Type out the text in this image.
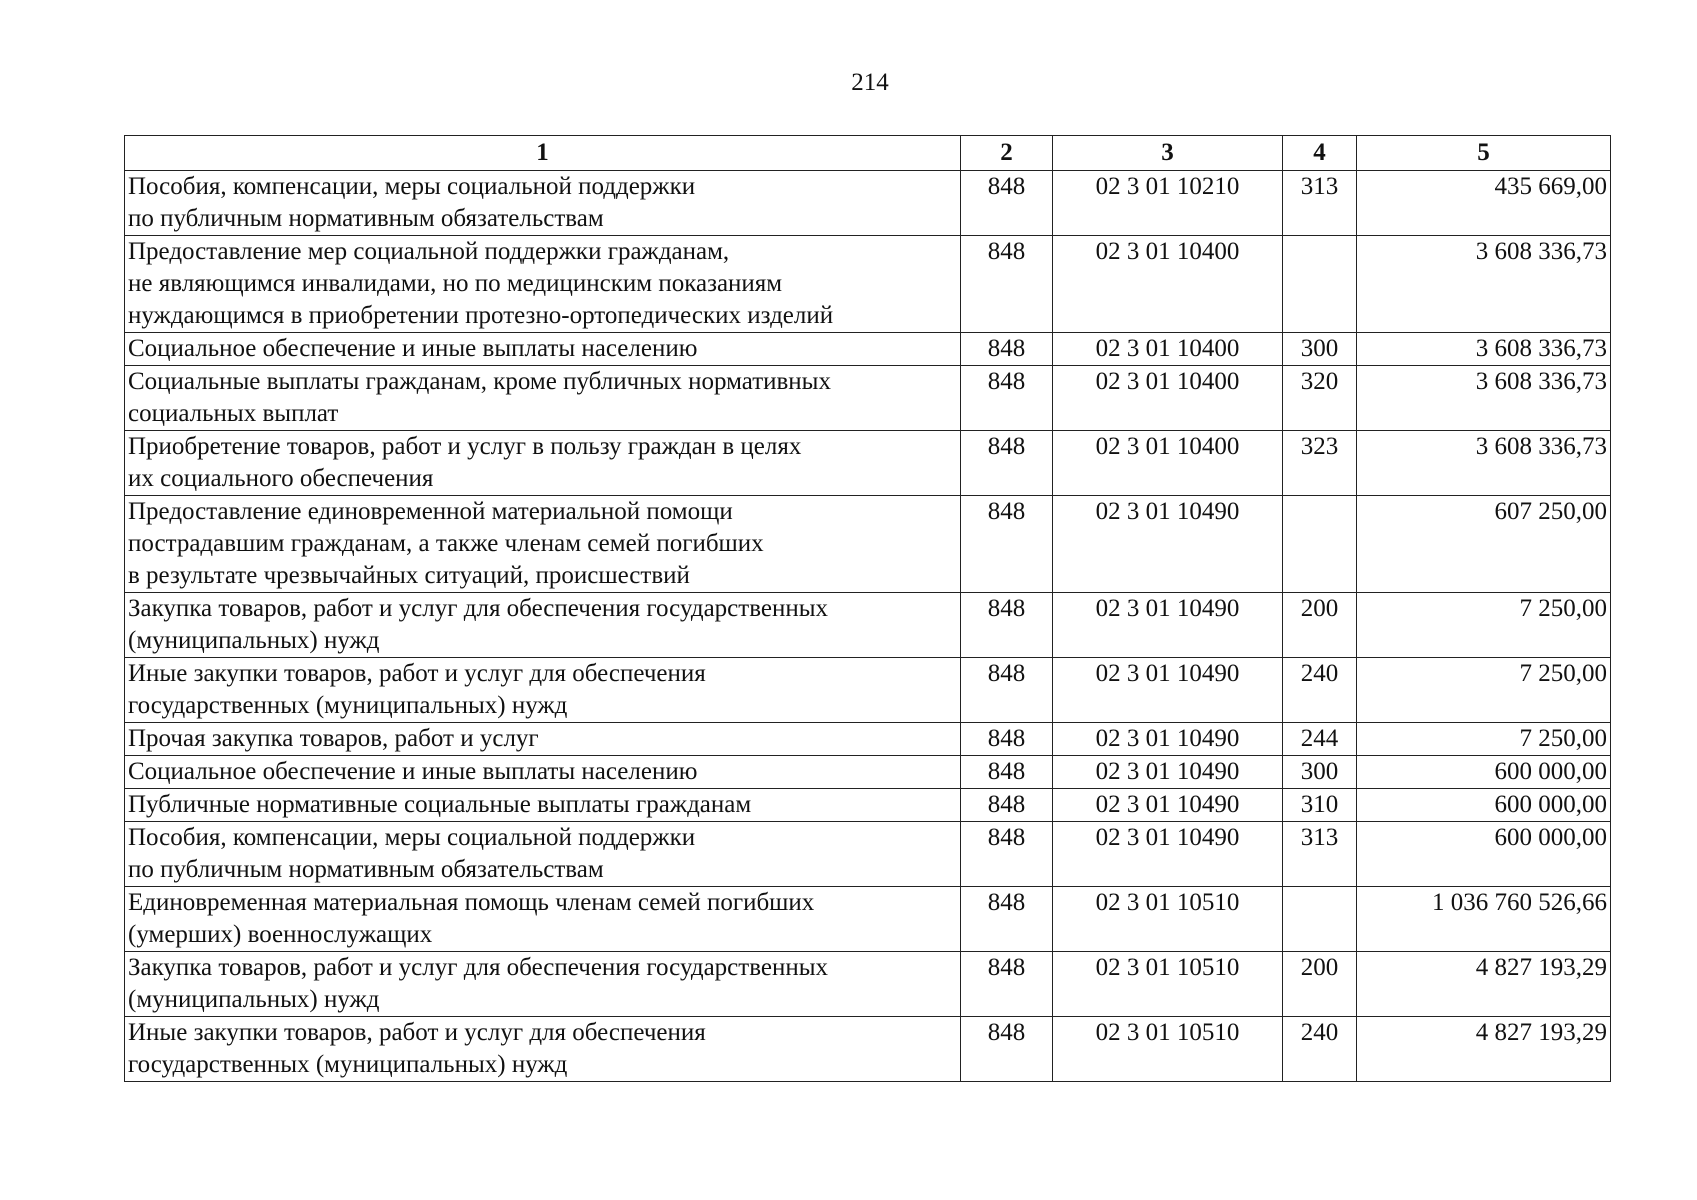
214
1	2	3	4	5

Пособия, компенсации, меры социальной поддержки
по публичным нормативным обязательствам	848	02 3 01 10210	313	435 669,00

Предоставление мер социальной поддержки гражданам,
не являющимся инвалидами, но по медицинским показаниям
нуждающимся в приобретении протезно-ортопедических изделий	848	02 3 01 10400		3 608 336,73

Социальное обеспечение и иные выплаты населению	848	02 3 01 10400	300	3 608 336,73

Социальные выплаты гражданам, кроме публичных нормативных
социальных выплат	848	02 3 01 10400	320	3 608 336,73

Приобретение товаров, работ и услуг в пользу граждан в целях
их социального обеспечения	848	02 3 01 10400	323	3 608 336,73

Предоставление единовременной материальной помощи
пострадавшим гражданам, а также членам семей погибших
в результате чрезвычайных ситуаций, происшествий	848	02 3 01 10490		607 250,00

Закупка товаров, работ и услуг для обеспечения государственных
(муниципальных) нужд	848	02 3 01 10490	200	7 250,00

Иные закупки товаров, работ и услуг для обеспечения
государственных (муниципальных) нужд	848	02 3 01 10490	240	7 250,00

Прочая закупка товаров, работ и услуг	848	02 3 01 10490	244	7 250,00

Социальное обеспечение и иные выплаты населению	848	02 3 01 10490	300	600 000,00

Публичные нормативные социальные выплаты гражданам	848	02 3 01 10490	310	600 000,00

Пособия, компенсации, меры социальной поддержки
по публичным нормативным обязательствам	848	02 3 01 10490	313	600 000,00

Единовременная материальная помощь членам семей погибших
(умерших) военнослужащих	848	02 3 01 10510		1 036 760 526,66

Закупка товаров, работ и услуг для обеспечения государственных
(муниципальных) нужд	848	02 3 01 10510	200	4 827 193,29

Иные закупки товаров, работ и услуг для обеспечения
государственных (муниципальных) нужд	848	02 3 01 10510	240	4 827 193,29
